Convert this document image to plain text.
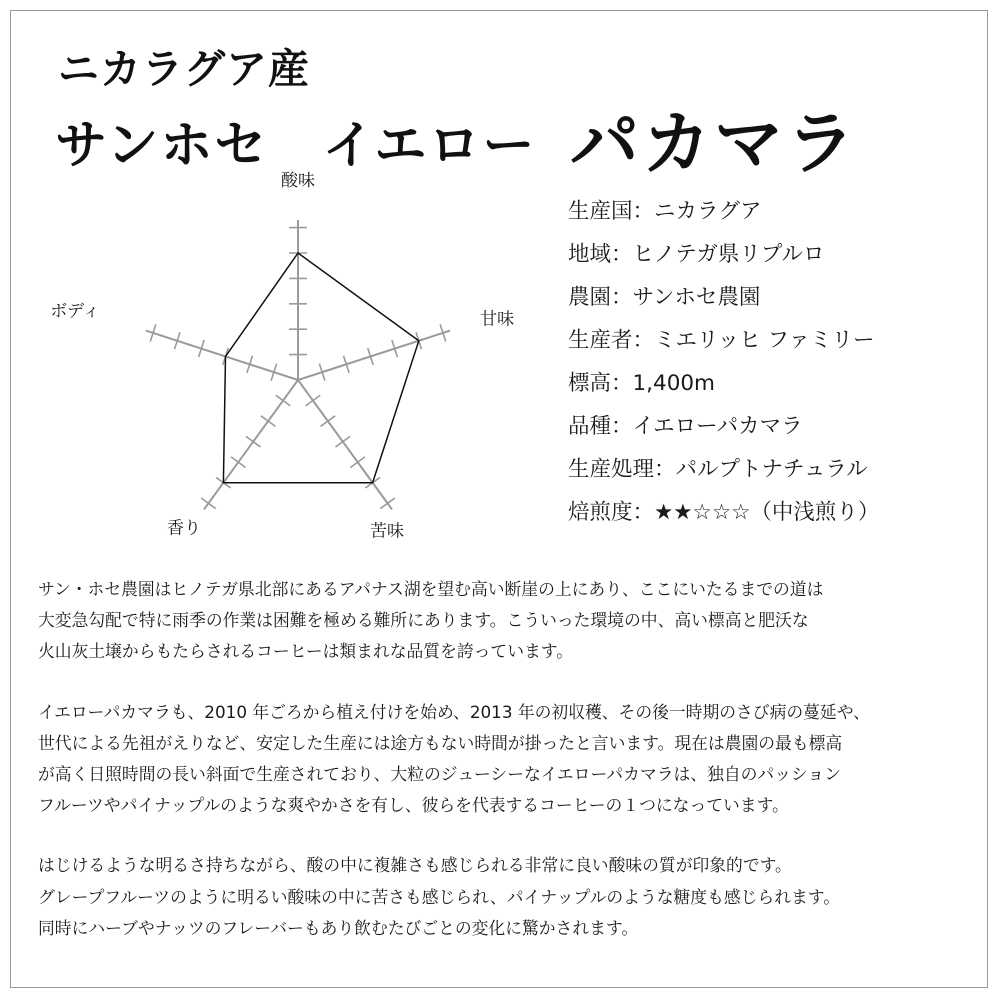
ニカラグア産
サンホセ　イエロー パカマラ
酸味
甘味
苦味
香り
ボディ
生産国：ニカラグア
地域：ヒノテガ県リプルロ
農園：サンホセ農園
生産者：ミエリッヒ ファミリー
標高：1,400m
品種：イエローパカマラ
生産処理：パルプトナチュラル
焙煎度：★★☆☆☆（中浅煎り）

サン・ホセ農園はヒノテガ県北部にあるアパナス湖を望む高い断崖の上にあり、ここにいたるまでの道は
大変急勾配で特に雨季の作業は困難を極める難所にあります。こういった環境の中、高い標高と肥沃な
火山灰土壌からもたらされるコーヒーは類まれな品質を誇っています。

イエローパカマラも、2010 年ごろから植え付けを始め、2013 年の初収穫、その後一時期のさび病の蔓延や、
世代による先祖がえりなど、安定した生産には途方もない時間が掛ったと言います。現在は農園の最も標高
が高く日照時間の長い斜面で生産されており、大粒のジューシーなイエローパカマラは、独自のパッション
フルーツやパイナップルのような爽やかさを有し、彼らを代表するコーヒーの１つになっています。

はじけるような明るさ持ちながら、酸の中に複雑さも感じられる非常に良い酸味の質が印象的です。
グレープフルーツのように明るい酸味の中に苦さも感じられ、パイナップルのような糖度も感じられます。
同時にハーブやナッツのフレーバーもあり飲むたびごとの変化に驚かされます。
